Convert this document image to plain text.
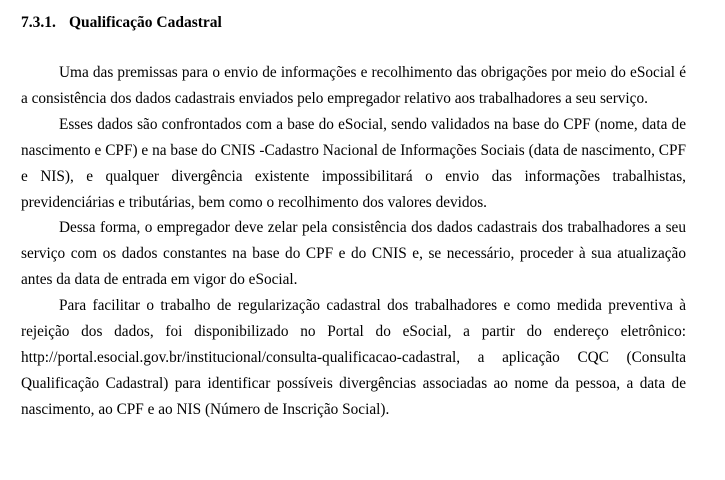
7.3.1. Qualificação Cadastral

Uma das premissas para o envio de informações e recolhimento das obrigações por meio do eSocial é a consistência dos dados cadastrais enviados pelo empregador relativo aos trabalhadores a seu serviço.

Esses dados são confrontados com a base do eSocial, sendo validados na base do CPF (nome, data de nascimento e CPF) e na base do CNIS -Cadastro Nacional de Informações Sociais (data de nascimento, CPF e NIS), e qualquer divergência existente impossibilitará o envio das informações trabalhistas, previdenciárias e tributárias, bem como o recolhimento dos valores devidos.

Dessa forma, o empregador deve zelar pela consistência dos dados cadastrais dos trabalhadores a seu serviço com os dados constantes na base do CPF e do CNIS e, se necessário, proceder à sua atualização antes da data de entrada em vigor do eSocial.

Para facilitar o trabalho de regularização cadastral dos trabalhadores e como medida preventiva à rejeição dos dados, foi disponibilizado no Portal do eSocial, a partir do endereço eletrônico: http://portal.esocial.gov.br/institucional/consulta-qualificacao-cadastral, a aplicação CQC (Consulta Qualificação Cadastral) para identificar possíveis divergências associadas ao nome da pessoa, a data de nascimento, ao CPF e ao NIS (Número de Inscrição Social).
